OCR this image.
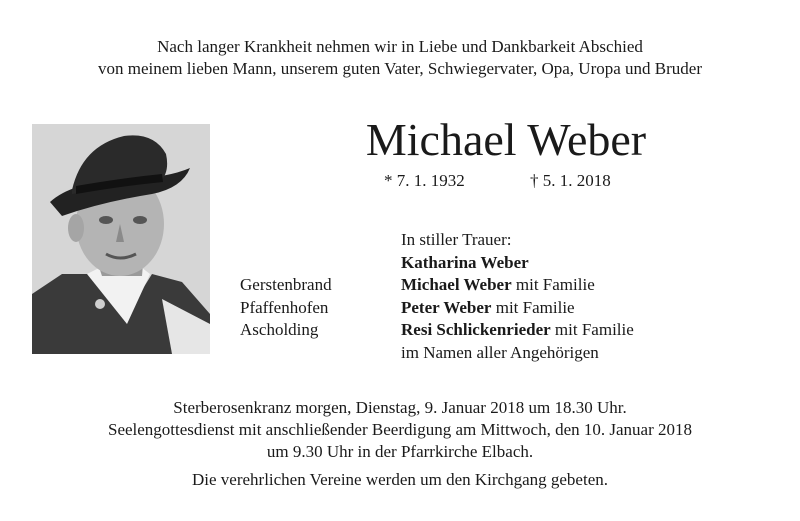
Nach langer Krankheit nehmen wir in Liebe und Dankbarkeit Abschied
von meinem lieben Mann, unserem guten Vater, Schwiegervater, Opa, Uropa und Bruder
Michael Weber
* 7. 1. 1932	† 5. 1. 2018
Gerstenbrand
Pfaffenhofen
Ascholding
In stiller Trauer:
Katharina Weber
Michael Weber mit Familie
Peter Weber mit Familie
Resi Schlickenrieder mit Familie
im Namen aller Angehörigen
Sterberosenkranz morgen, Dienstag, 9. Januar 2018 um 18.30 Uhr.
Seelengottesdienst mit anschließender Beerdigung am Mittwoch, den 10. Januar 2018
um 9.30 Uhr in der Pfarrkirche Elbach.
Die verehrlichen Vereine werden um den Kirchgang gebeten.
